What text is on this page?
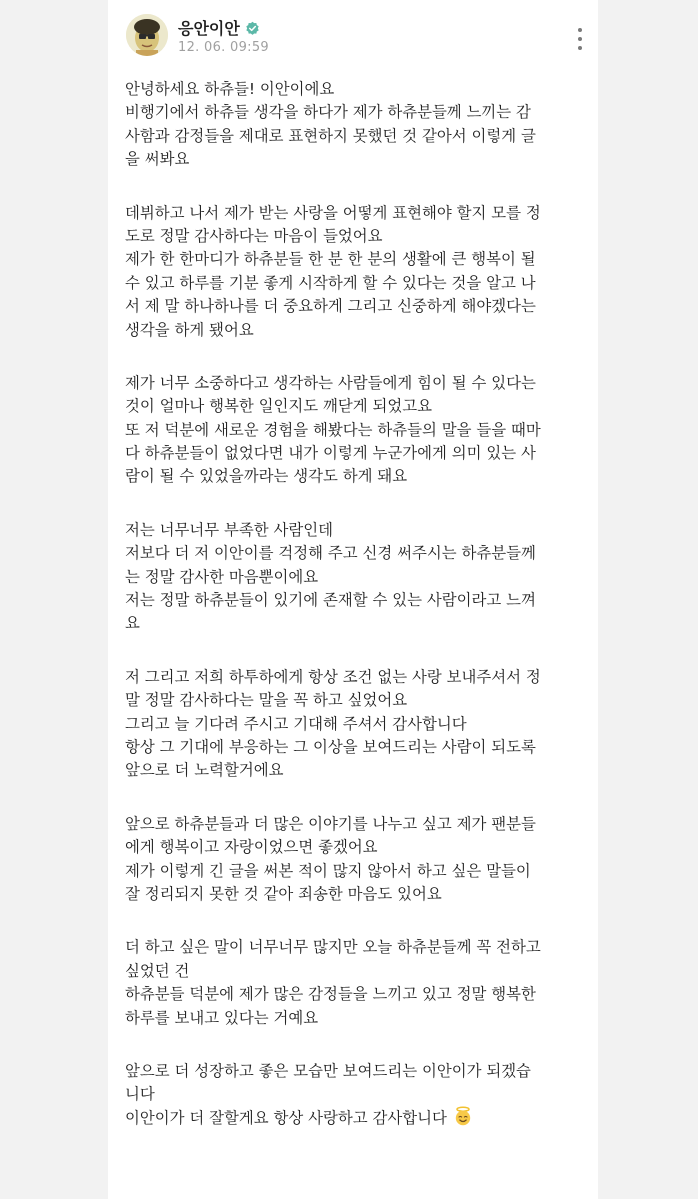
응안이안
12. 06. 09:59
안녕하세요 하츄들! 이안이에요
비행기에서 하츄들 생각을 하다가 제가 하츄분들께 느끼는 감
사함과 감정들을 제대로 표현하지 못했던 것 같아서 이렇게 글
을 써봐요
데뷔하고 나서 제가 받는 사랑을 어떻게 표현해야 할지 모를 정
도로 정말 감사하다는 마음이 들었어요
제가 한 한마디가 하츄분들 한 분 한 분의 생활에 큰 행복이 될
수 있고 하루를 기분 좋게 시작하게 할 수 있다는 것을 알고 나
서 제 말 하나하나를 더 중요하게 그리고 신중하게 해야겠다는
생각을 하게 됐어요
제가 너무 소중하다고 생각하는 사람들에게 힘이 될 수 있다는
것이 얼마나 행복한 일인지도 깨닫게 되었고요
또 저 덕분에 새로운 경험을 해봤다는 하츄들의 말을 들을 때마
다 하츄분들이 없었다면 내가 이렇게 누군가에게 의미 있는 사
람이 될 수 있었을까라는 생각도 하게 돼요
저는 너무너무 부족한 사람인데
저보다 더 저 이안이를 걱정해 주고 신경 써주시는 하츄분들께
는 정말 감사한 마음뿐이에요
저는 정말 하츄분들이 있기에 존재할 수 있는 사람이라고 느껴
요
저 그리고 저희 하투하에게 항상 조건 없는 사랑 보내주셔서 정
말 정말 감사하다는 말을 꼭 하고 싶었어요
그리고 늘 기다려 주시고 기대해 주셔서 감사합니다
항상 그 기대에 부응하는 그 이상을 보여드리는 사람이 되도록
앞으로 더 노력할거에요
앞으로 하츄분들과 더 많은 이야기를 나누고 싶고 제가 팬분들
에게 행복이고 자랑이었으면 좋겠어요
제가 이렇게 긴 글을 써본 적이 많지 않아서 하고 싶은 말들이
잘 정리되지 못한 것 같아 죄송한 마음도 있어요
더 하고 싶은 말이 너무너무 많지만 오늘 하츄분들께 꼭 전하고
싶었던 건
하츄분들 덕분에 제가 많은 감정들을 느끼고 있고 정말 행복한
하루를 보내고 있다는 거예요
앞으로 더 성장하고 좋은 모습만 보여드리는 이안이가 되겠습
니다
이안이가 더 잘할게요 항상 사랑하고 감사합니다
